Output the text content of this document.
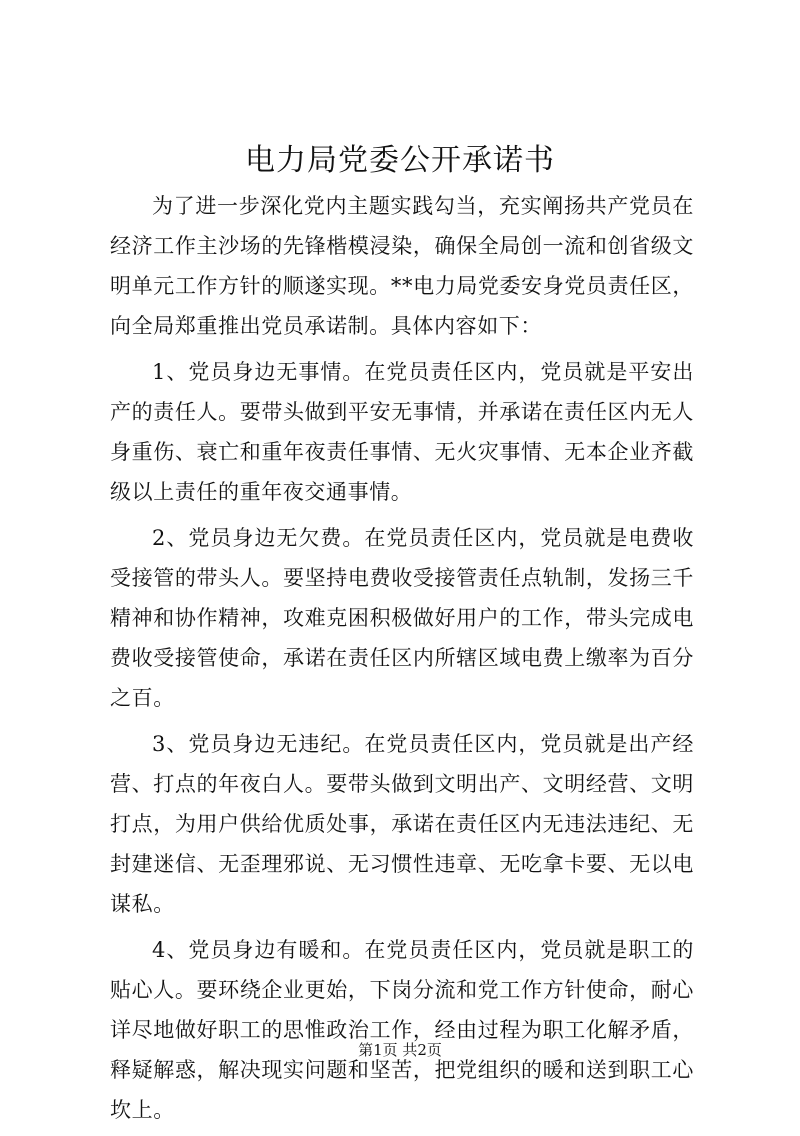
电力局党委公开承诺书

为了进一步深化党内主题实践勾当，充实阐扬共产党员在经济工作主沙场的先锋楷模浸染，确保全局创一流和创省级文明单元工作方针的顺遂实现。**电力局党委安身党员责任区，向全局郑重推出党员承诺制。具体内容如下：

1、党员身边无事情。在党员责任区内，党员就是平安出产的责任人。要带头做到平安无事情，并承诺在责任区内无人身重伤、衰亡和重年夜责任事情、无火灾事情、无本企业齐截级以上责任的重年夜交通事情。

2、党员身边无欠费。在党员责任区内，党员就是电费收受接管的带头人。要坚持电费收受接管责任点轨制，发扬三千精神和协作精神，攻难克困积极做好用户的工作，带头完成电费收受接管使命，承诺在责任区内所辖区域电费上缴率为百分之百。

3、党员身边无违纪。在党员责任区内，党员就是出产经营、打点的年夜白人。要带头做到文明出产、文明经营、文明打点，为用户供给优质处事，承诺在责任区内无违法违纪、无封建迷信、无歪理邪说、无习惯性违章、无吃拿卡要、无以电谋私。

4、党员身边有暖和。在党员责任区内，党员就是职工的贴心人。要环绕企业更始，下岗分流和党工作方针使命，耐心详尽地做好职工的思惟政治工作，经由过程为职工化解矛盾，释疑解惑，解决现实问题和坚苦，把党组织的暖和送到职工心坎上。

第1页 共2页
